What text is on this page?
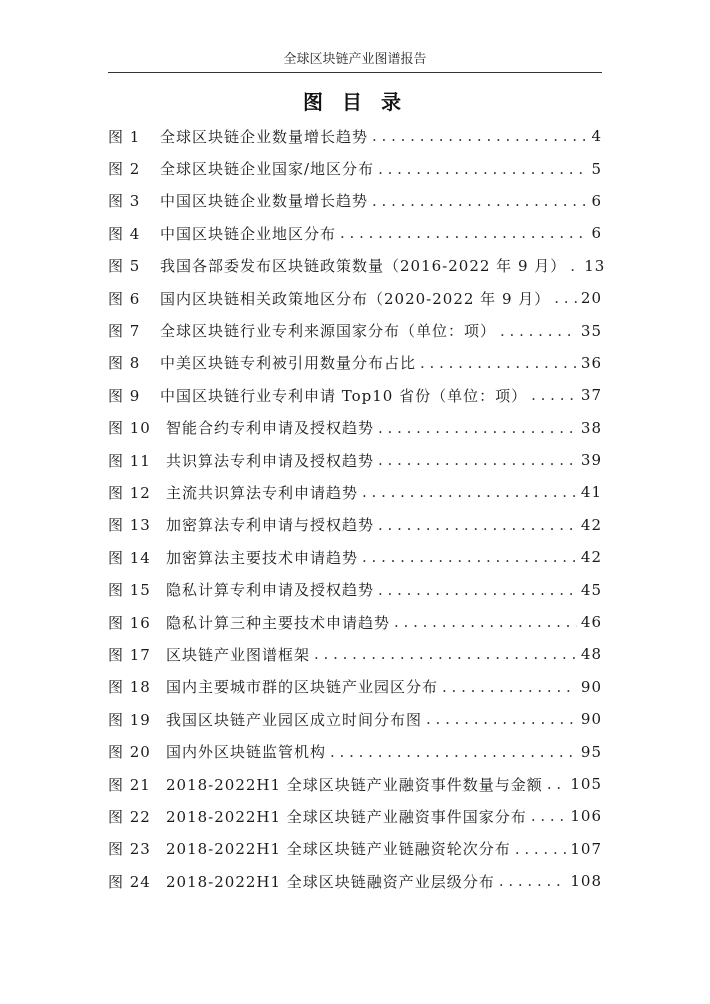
全球区块链产业图谱报告
图 目 录
图 1	全球区块链企业数量增长趋势 . . .	4
图 2	全球区块链企业国家/地区分布 . . .	5
图 3	中国区块链企业数量增长趋势 . . .	6
图 4	中国区块链企业地区分布 . . .	6
图 5	我国各部委发布区块链政策数量（2016-2022 年 9 月） . . . 13
图 6	国内区块链相关政策地区分布（2020-2022 年 9 月） . . . 20
图 7	全球区块链行业专利来源国家分布（单位：项） . . .	35
图 8	中美区块链专利被引用数量分布占比 . . .	36
图 9	中国区块链行业专利申请 Top10 省份（单位：项） . . .	37
图 10	智能合约专利申请及授权趋势 . . .	38
图 11	共识算法专利申请及授权趋势 . . .	39
图 12	主流共识算法专利申请趋势 . . .	41
图 13	加密算法专利申请与授权趋势 . . .	42
图 14	加密算法主要技术申请趋势 . . .	42
图 15	隐私计算专利申请及授权趋势 . . .	45
图 16	隐私计算三种主要技术申请趋势 . . .	46
图 17	区块链产业图谱框架 . . .	48
图 18	国内主要城市群的区块链产业园区分布 . . .	90
图 19	我国区块链产业园区成立时间分布图 . . .	90
图 20	国内外区块链监管机构 . . .	95
图 21	2018-2022H1 全球区块链产业融资事件数量与金额 . . . 105
图 22	2018-2022H1 全球区块链产业融资事件国家分布 . . .	106
图 23	2018-2022H1 全球区块链产业链融资轮次分布 . . .	107
图 24	2018-2022H1 全球区块链融资产业层级分布 . . .	108
